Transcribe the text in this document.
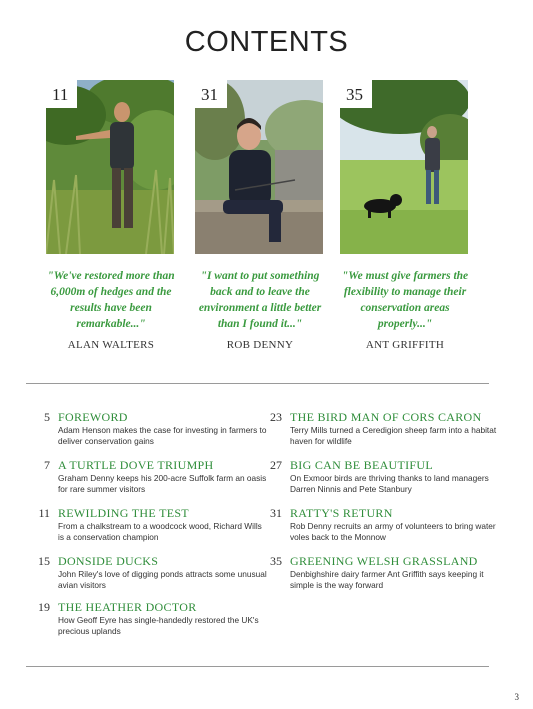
CONTENTS
11
"We've restored more than 6,000m of hedges and the results have been remarkable..."
ALAN WALTERS
31
"I want to put something back and to leave the environment a little better than I found it..."
ROB DENNY
35
"We must give farmers the flexibility to manage their conservation areas properly..."
ANT GRIFFITH
5 FOREWORD
Adam Henson makes the case for investing in farmers to deliver conservation gains
7 A TURTLE DOVE TRIUMPH
Graham Denny keeps his 200-acre Suffolk farm an oasis for rare summer visitors
11 REWILDING THE TEST
From a chalkstream to a woodcock wood, Richard Wills is a conservation champion
15 DONSIDE DUCKS
John Riley's love of digging ponds attracts some unusual avian visitors
19 THE HEATHER DOCTOR
How Geoff Eyre has single-handedly restored the UK's precious uplands
23 THE BIRD MAN OF CORS CARON
Terry Mills turned a Ceredigion sheep farm into a habitat haven for wildlife
27 BIG CAN BE BEAUTIFUL
On Exmoor birds are thriving thanks to land managers Darren Ninnis and Pete Stanbury
31 RATTY'S RETURN
Rob Denny recruits an army of volunteers to bring water voles back to the Monnow
35 GREENING WELSH GRASSLAND
Denbighshire dairy farmer Ant Griffith says keeping it simple is the way forward
3
